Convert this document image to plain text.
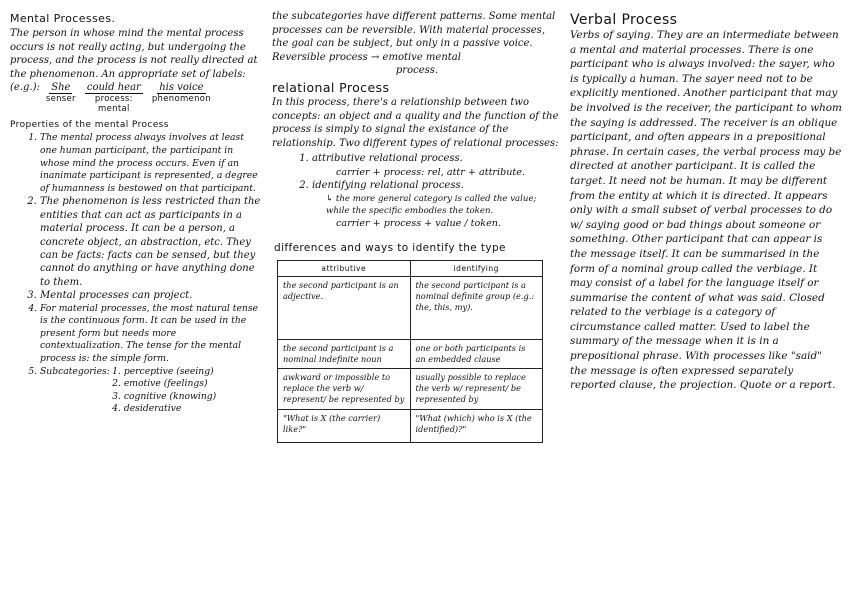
Mental Processes.

The person in whose mind the mental process occurs is not really acting, but undergoing the process, and the process is not really directed at the phenomenon. An appropriate set of labels:

(e.g.): She
senser
could hear
process: mental
his voice
phenomenon
Properties of the mental Process
1. The mental process always involves at least one human participant, the participant in whose mind the process occurs. Even if an inanimate participant is represented, a degree of humanness is bestowed on that participant.
2. The phenomenon is less restricted than the entities that can act as participants in a material process. It can be a person, a concrete object, an abstraction, etc. They can be facts: facts can be sensed, but they cannot do anything or have anything done to them.
3. Mental processes can project.
4. For material processes, the most natural tense is the continuous form. It can be used in the present form but needs more contextualization. The tense for the mental process is: the simple form.
5. Subcategories: 1. perceptive (seeing)
2. emotive (feelings)
3. cognitive (knowing)
4. desiderative

the subcategories have different patterns. Some mental processes can be reversible. With material processes, the goal can be subject, but only in a passive voice. Reversible process → emotive mental

process.

relational Process

In this process, there's a relationship between two concepts: an object and a quality and the function of the process is simply to signal the existance of the relationship. Two different types of relational processes:

1. attributive relational process.
carrier + process: rel, attr + attribute.
2. identifying relational process.
↳ the more general category is called the value; while the specific embodies the token.
carrier + process + value / token.
differences and ways to identify the type
attributive	identifying
the second participant is an adjective.	the second participant is a nominal definite group (e.g.: the, this, my).
the second participant is a nominal indefinite noun	one or both participants is an embedded clause
awkward or impossible to replace the verb w/ represent/ be represented by	usually possible to replace the verb w/ represent/ be represented by
"What is X (the carrier) like?"	"What (which) who is X (the identified)?"
Verbal Process

Verbs of saying. They are an intermediate between a mental and material processes. There is one participant who is always involved: the sayer, who is typically a human. The sayer need not to be explicitly mentioned. Another participant that may be involved is the receiver, the participant to whom the saying is addressed. The receiver is an oblique participant, and often appears in a prepositional phrase. In certain cases, the verbal process may be directed at another participant. It is called the target. It need not be human. It may be different from the entity at which it is directed. It appears only with a small subset of verbal processes to do w/ saying good or bad things about someone or something. Other participant that can appear is the message itself. It can be summarised in the form of a nominal group called the verbiage. It may consist of a label for the language itself or summarise the content of what was said. Closed related to the verbiage is a category of circumstance called matter. Used to label the summary of the message when it is in a prepositional phrase. With processes like "said" the message is often expressed separately reported clause, the projection. Quote or a report.
